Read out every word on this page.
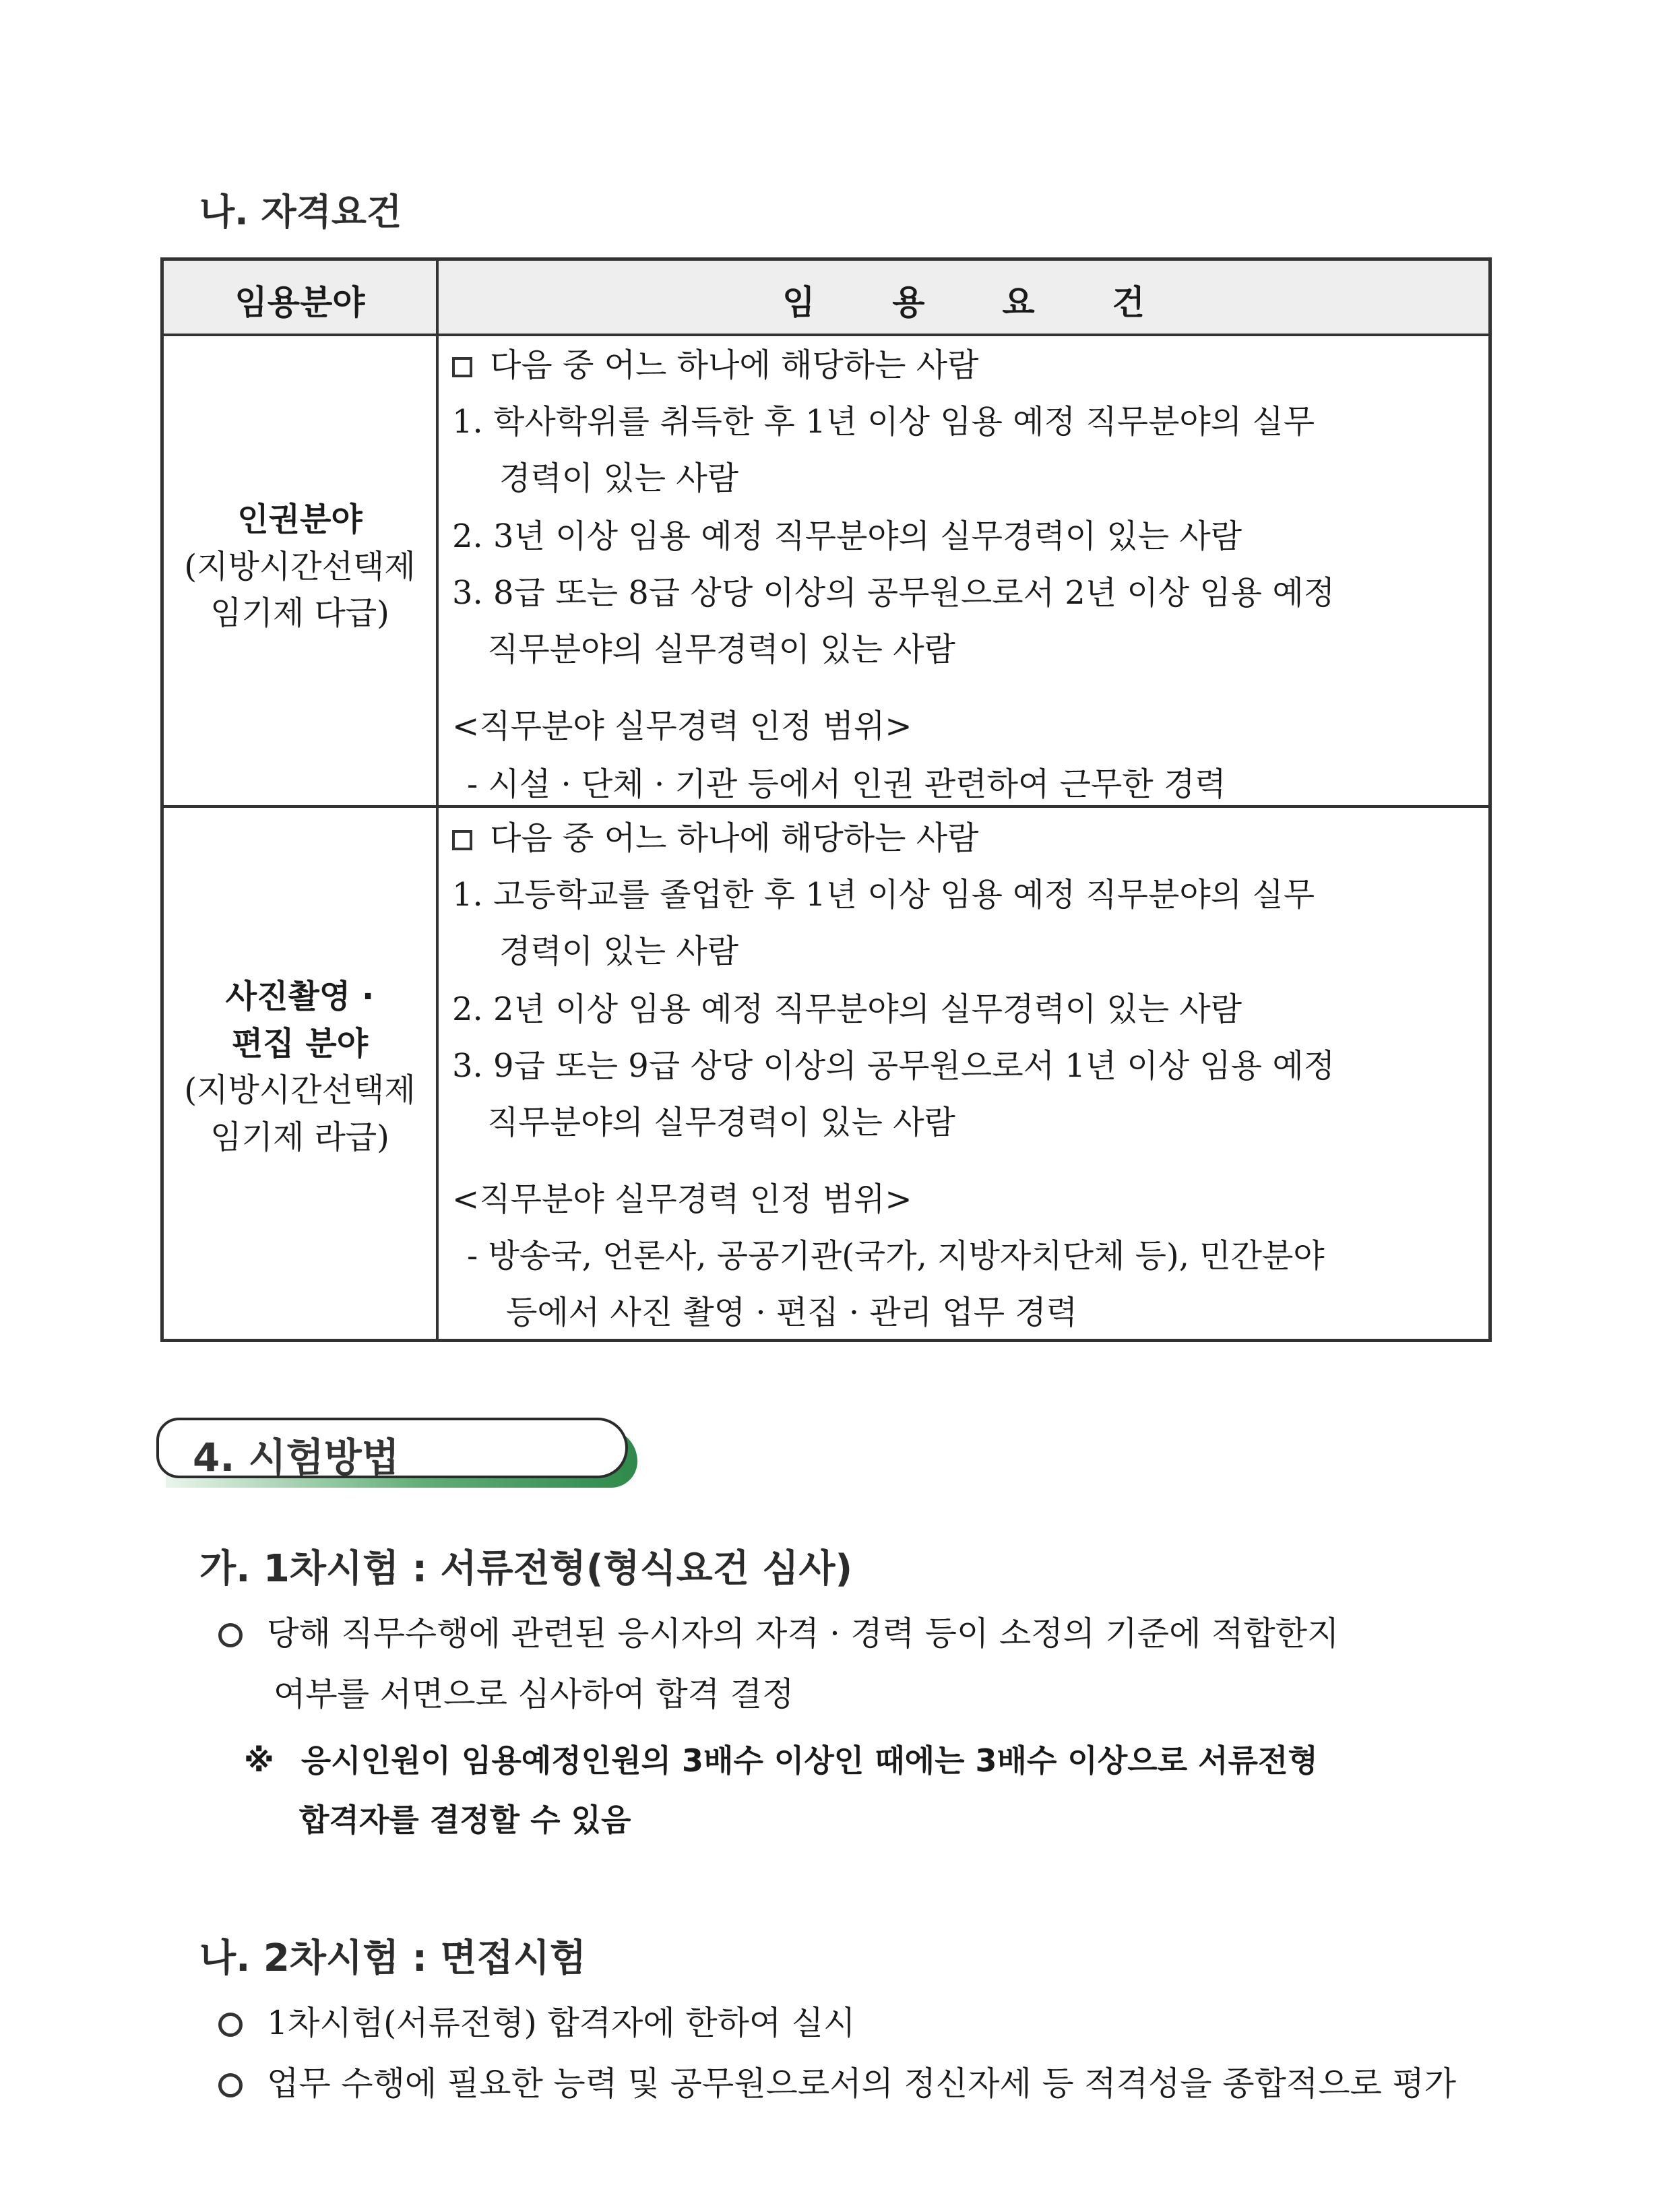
나. 자격요건
임용분야	임  용  요  건
인권분야
(지방시간선택제
임기제 다급)
다음 중 어느 하나에 해당하는 사람
1. 학사학위를 취득한 후 1년 이상 임용 예정 직무분야의 실무
경력이 있는 사람
2. 3년 이상 임용 예정 직무분야의 실무경력이 있는 사람
3. 8급 또는 8급 상당 이상의 공무원으로서 2년 이상 임용 예정
직무분야의 실무경력이 있는 사람
<직무분야 실무경력 인정 범위>
- 시설 · 단체 · 기관 등에서 인권 관련하여 근무한 경력
사진촬영 ·
편집 분야
(지방시간선택제
임기제 라급)
다음 중 어느 하나에 해당하는 사람
1. 고등학교를 졸업한 후 1년 이상 임용 예정 직무분야의 실무
경력이 있는 사람
2. 2년 이상 임용 예정 직무분야의 실무경력이 있는 사람
3. 9급 또는 9급 상당 이상의 공무원으로서 1년 이상 임용 예정
직무분야의 실무경력이 있는 사람
<직무분야 실무경력 인정 범위>
- 방송국, 언론사, 공공기관(국가, 지방자치단체 등), 민간분야
등에서 사진 촬영 · 편집 · 관리 업무 경력
4. 시험방법
가. 1차시험 : 서류전형(형식요건 심사)
당해 직무수행에 관련된 응시자의 자격 · 경력 등이 소정의 기준에 적합한지
여부를 서면으로 심사하여 합격 결정
※ 응시인원이 임용예정인원의 3배수 이상인 때에는 3배수 이상으로 서류전형
합격자를 결정할 수 있음
나. 2차시험 : 면접시험
1차시험(서류전형) 합격자에 한하여 실시
업무 수행에 필요한 능력 및 공무원으로서의 정신자세 등 적격성을 종합적으로 평가
